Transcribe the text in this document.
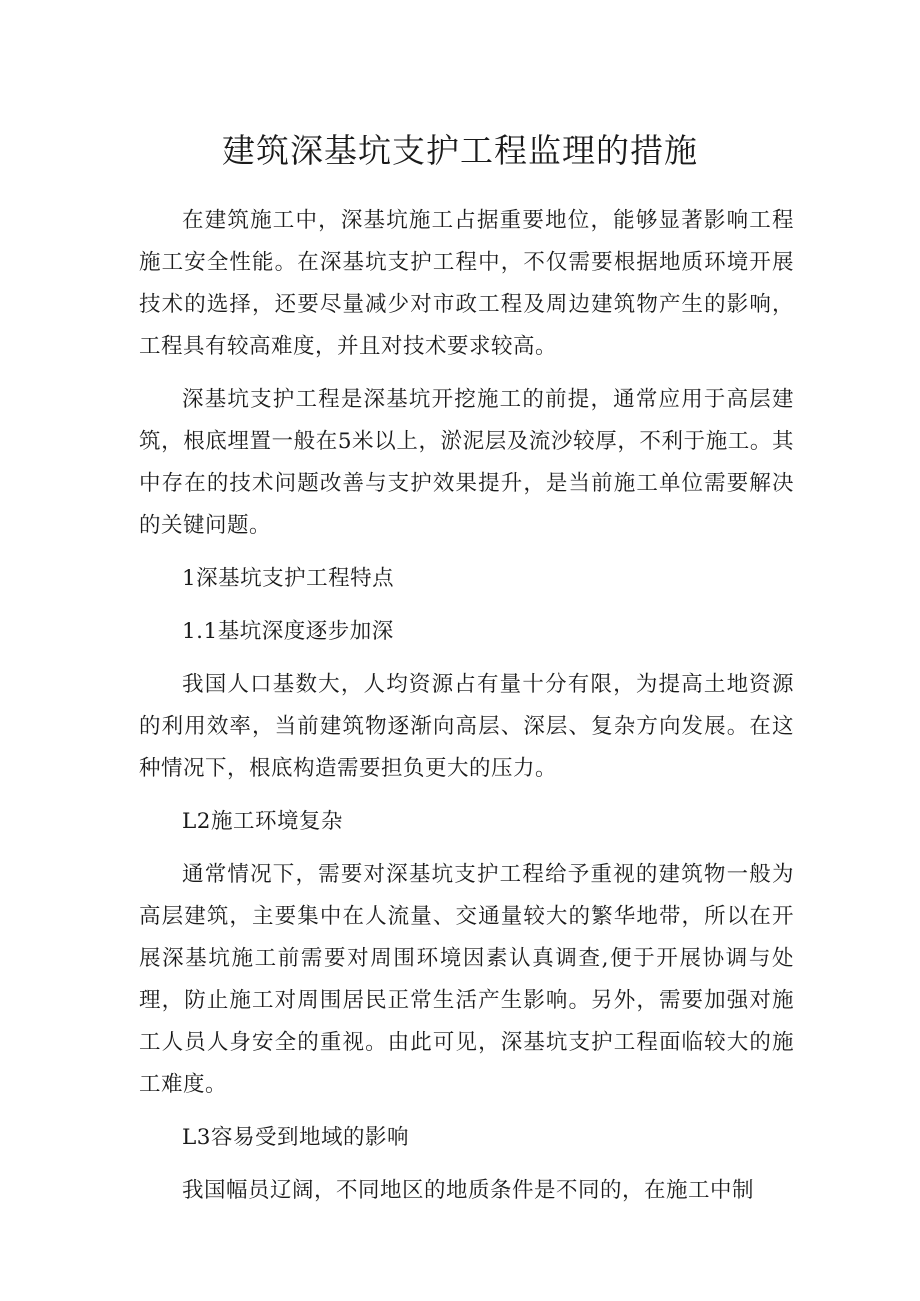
建筑深基坑支护工程监理的措施

在建筑施工中，深基坑施工占据重要地位，能够显著影响工程施工安全性能。在深基坑支护工程中，不仅需要根据地质环境开展技术的选择，还要尽量减少对市政工程及周边建筑物产生的影响，工程具有较高难度，并且对技术要求较高。

深基坑支护工程是深基坑开挖施工的前提，通常应用于高层建筑，根底埋置一般在5米以上，淤泥层及流沙较厚，不利于施工。其中存在的技术问题改善与支护效果提升，是当前施工单位需要解决的关键问题。

1深基坑支护工程特点

1.1基坑深度逐步加深

我国人口基数大，人均资源占有量十分有限，为提高土地资源的利用效率，当前建筑物逐渐向高层、深层、复杂方向发展。在这种情况下，根底构造需要担负更大的压力。

L2施工环境复杂

通常情况下，需要对深基坑支护工程给予重视的建筑物一般为高层建筑，主要集中在人流量、交通量较大的繁华地带，所以在开展深基坑施工前需要对周围环境因素认真调查,便于开展协调与处理，防止施工对周围居民正常生活产生影响。另外，需要加强对施工人员人身安全的重视。由此可见，深基坑支护工程面临较大的施工难度。

L3容易受到地域的影响

我国幅员辽阔，不同地区的地质条件是不同的，在施工中制
